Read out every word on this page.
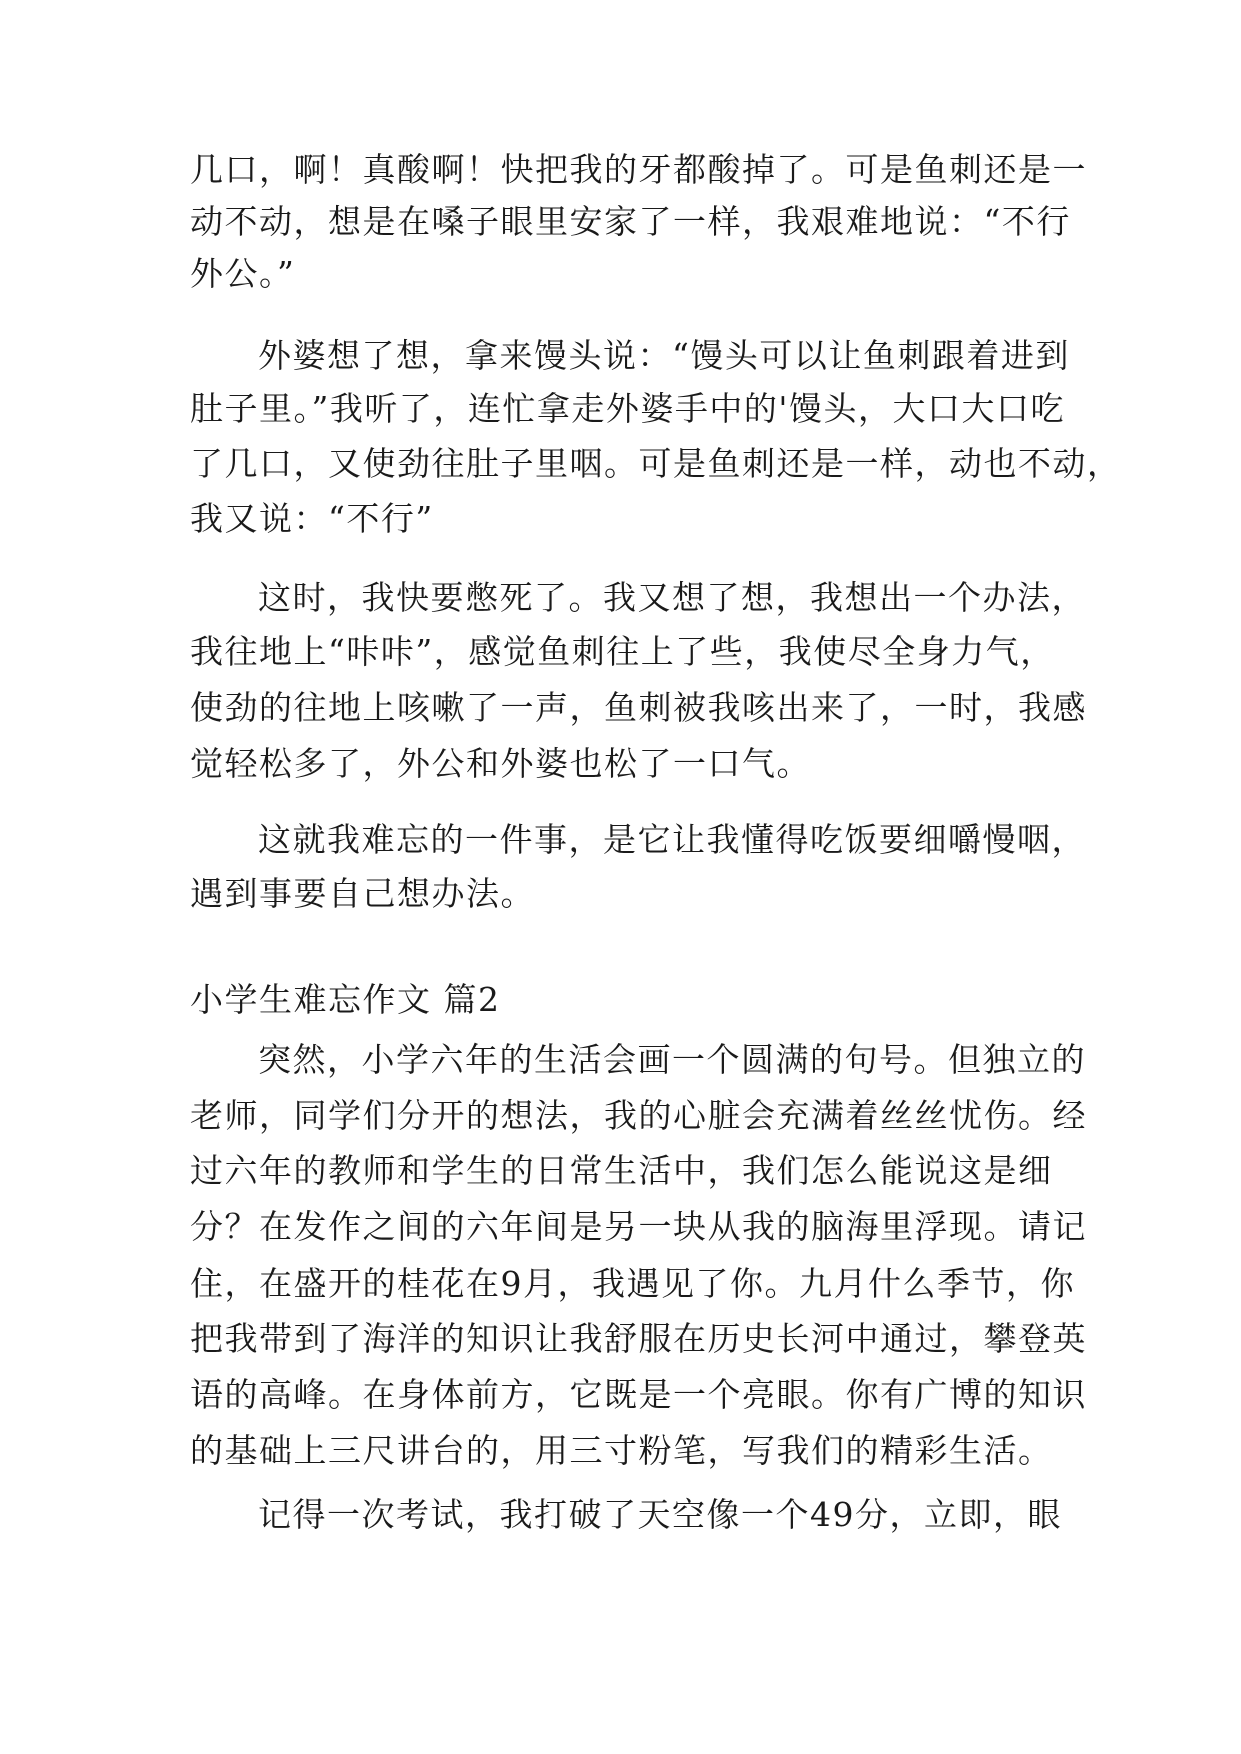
几口，啊！真酸啊！快把我的牙都酸掉了。可是鱼刺还是一
动不动，想是在嗓子眼里安家了一样，我艰难地说：“不行
外公。”
外婆想了想，拿来馒头说：“馒头可以让鱼刺跟着进到
肚子里。”我听了，连忙拿走外婆手中的'馒头，大口大口吃
了几口，又使劲往肚子里咽。可是鱼刺还是一样，动也不动，
我又说：“不行”
这时，我快要憋死了。我又想了想，我想出一个办法，
我往地上“咔咔”，感觉鱼刺往上了些，我使尽全身力气，
使劲的往地上咳嗽了一声，鱼刺被我咳出来了，一时，我感
觉轻松多了，外公和外婆也松了一口气。
这就我难忘的一件事，是它让我懂得吃饭要细嚼慢咽，
遇到事要自己想办法。
小学生难忘作文 篇2
突然，小学六年的生活会画一个圆满的句号。但独立的
老师，同学们分开的想法，我的心脏会充满着丝丝忧伤。经
过六年的教师和学生的日常生活中，我们怎么能说这是细
分？在发作之间的六年间是另一块从我的脑海里浮现。请记
住，在盛开的桂花在9月，我遇见了你。九月什么季节，你
把我带到了海洋的知识让我舒服在历史长河中通过，攀登英
语的高峰。在身体前方，它既是一个亮眼。你有广博的知识
的基础上三尺讲台的，用三寸粉笔，写我们的精彩生活。
记得一次考试，我打破了天空像一个49分，立即，眼
